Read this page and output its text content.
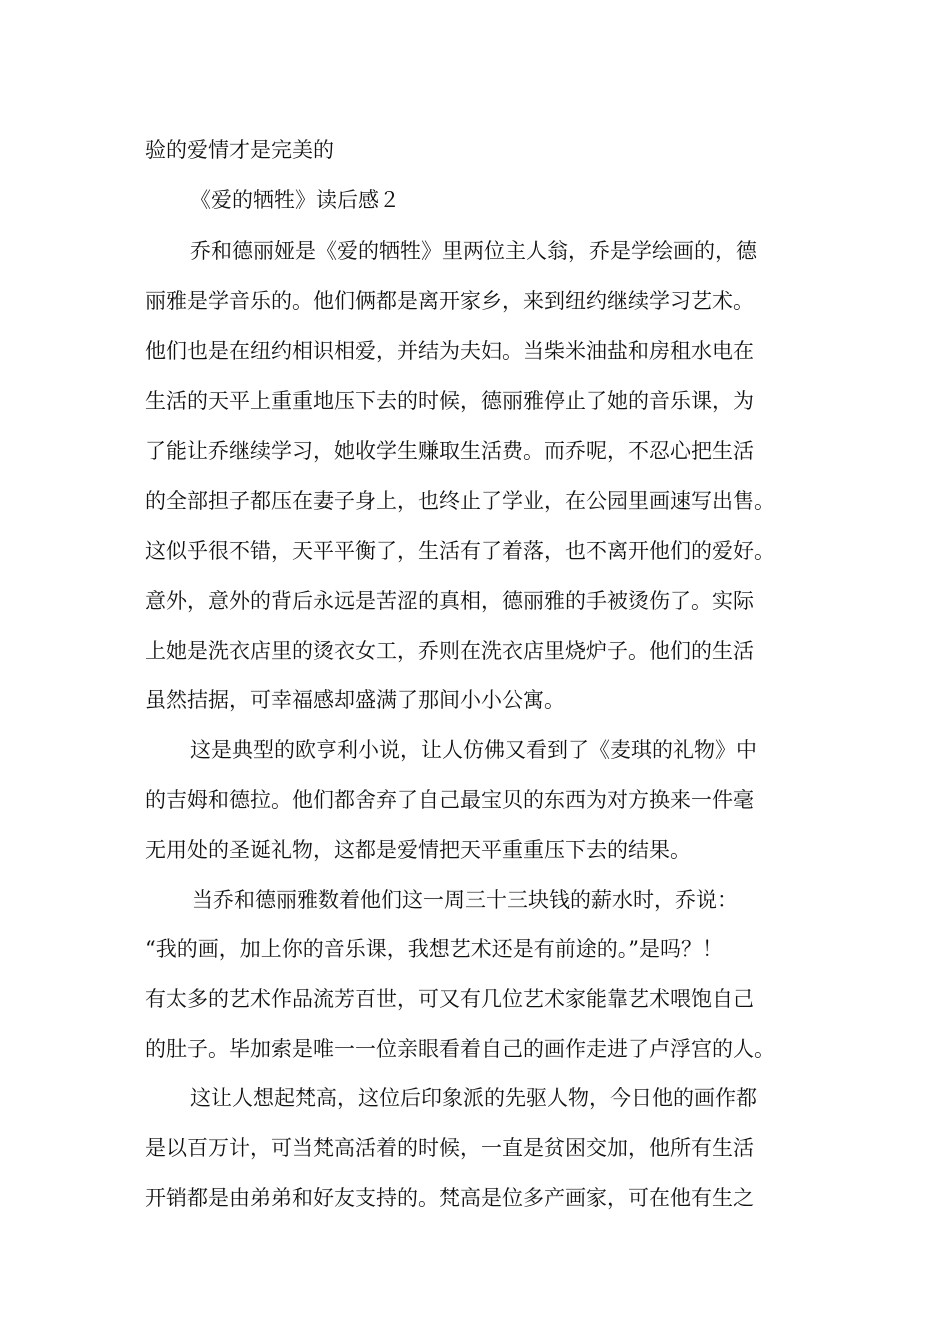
验的爱情才是完美的
《爱的牺牲》读后感２
乔和德丽娅是《爱的牺牲》里两位主人翁，乔是学绘画的，德
丽雅是学音乐的。他们俩都是离开家乡，来到纽约继续学习艺术。
他们也是在纽约相识相爱，并结为夫妇。当柴米油盐和房租水电在
生活的天平上重重地压下去的时候，德丽雅停止了她的音乐课，为
了能让乔继续学习，她收学生赚取生活费。而乔呢，不忍心把生活
的全部担子都压在妻子身上，也终止了学业，在公园里画速写出售。
这似乎很不错，天平平衡了，生活有了着落，也不离开他们的爱好。
意外，意外的背后永远是苦涩的真相，德丽雅的手被烫伤了。实际
上她是洗衣店里的烫衣女工，乔则在洗衣店里烧炉子。他们的生活
虽然拮据，可幸福感却盛满了那间小小公寓。
这是典型的欧亨利小说，让人仿佛又看到了《麦琪的礼物》中
的吉姆和德拉。他们都舍弃了自己最宝贝的东西为对方换来一件毫
无用处的圣诞礼物，这都是爱情把天平重重压下去的结果。
当乔和德丽雅数着他们这一周三十三块钱的薪水时，乔说：
“我的画，加上你的音乐课，我想艺术还是有前途的。”是吗？！
有太多的艺术作品流芳百世，可又有几位艺术家能靠艺术喂饱自己
的肚子。毕加索是唯一一位亲眼看着自己的画作走进了卢浮宫的人。
这让人想起梵高，这位后印象派的先驱人物，今日他的画作都
是以百万计，可当梵高活着的时候，一直是贫困交加，他所有生活
开销都是由弟弟和好友支持的。梵高是位多产画家，可在他有生之
